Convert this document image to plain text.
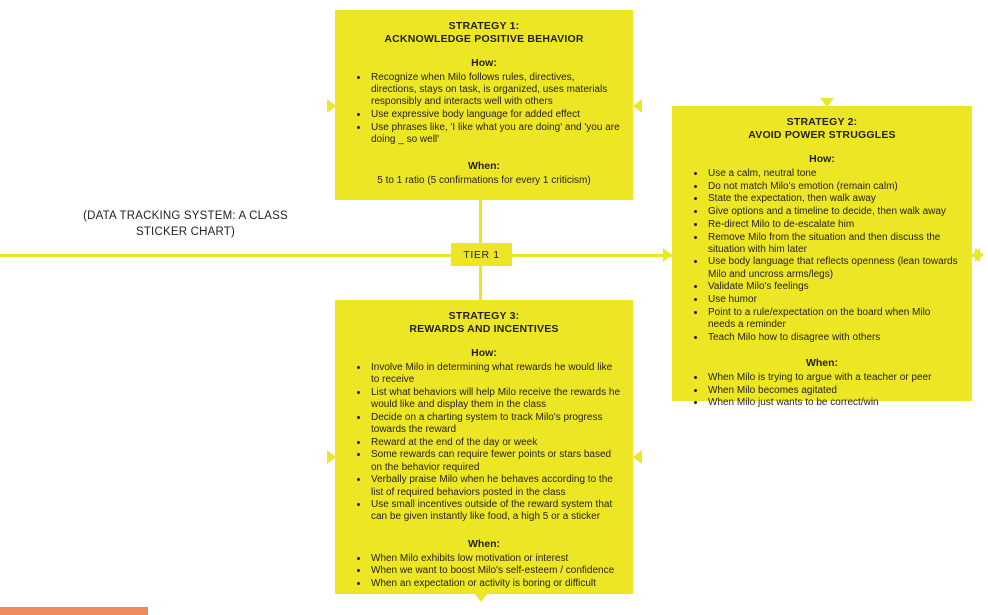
TIER 1
(DATA TRACKING SYSTEM: A CLASS
STICKER CHART)
STRATEGY 1:
ACKNOWLEDGE POSITIVE BEHAVIOR
How:
• Recognize when Milo follows rules, directives, directions, stays on task, is organized, uses materials responsibly and interacts well with others
• Use expressive body language for added effect
• Use phrases like, 'I like what you are doing' and 'you are doing _ so well'
When:
5 to 1 ratio (5 confirmations for every 1 criticism)
STRATEGY 2:
AVOID POWER STRUGGLES
How:
• Use a calm, neutral tone
• Do not match Milo's emotion (remain calm)
• State the expectation, then walk away
• Give options and a timeline to decide, then walk away
• Re-direct Milo to de-escalate him
• Remove Milo from the situation and then discuss the situation with him later
• Use body language that reflects openness (lean towards Milo and uncross arms/legs)
• Validate Milo's feelings
• Use humor
• Point to a rule/expectation on the board when Milo needs a reminder
• Teach Milo how to disagree with others
When:
• When Milo is trying to argue with a teacher or peer
• When Milo becomes agitated
• When Milo just wants to be correct/win
STRATEGY 3:
REWARDS AND INCENTIVES
How:
• Involve Milo in determining what rewards he would like to receive
• List what behaviors will help Milo receive the rewards he would like and display them in the class
• Decide on a charting system to track Milo's progress towards the reward
• Reward at the end of the day or week
• Some rewards can require fewer points or stars based on the behavior required
• Verbally praise Milo when he behaves according to the list of required behaviors posted in the class
• Use small incentives outside of the reward system that can be given instantly like food, a high 5 or a sticker
When:
• When Milo exhibits low motivation or interest
• When we want to boost Milo's self-esteem / confidence
• When an expectation or activity is boring or difficult
